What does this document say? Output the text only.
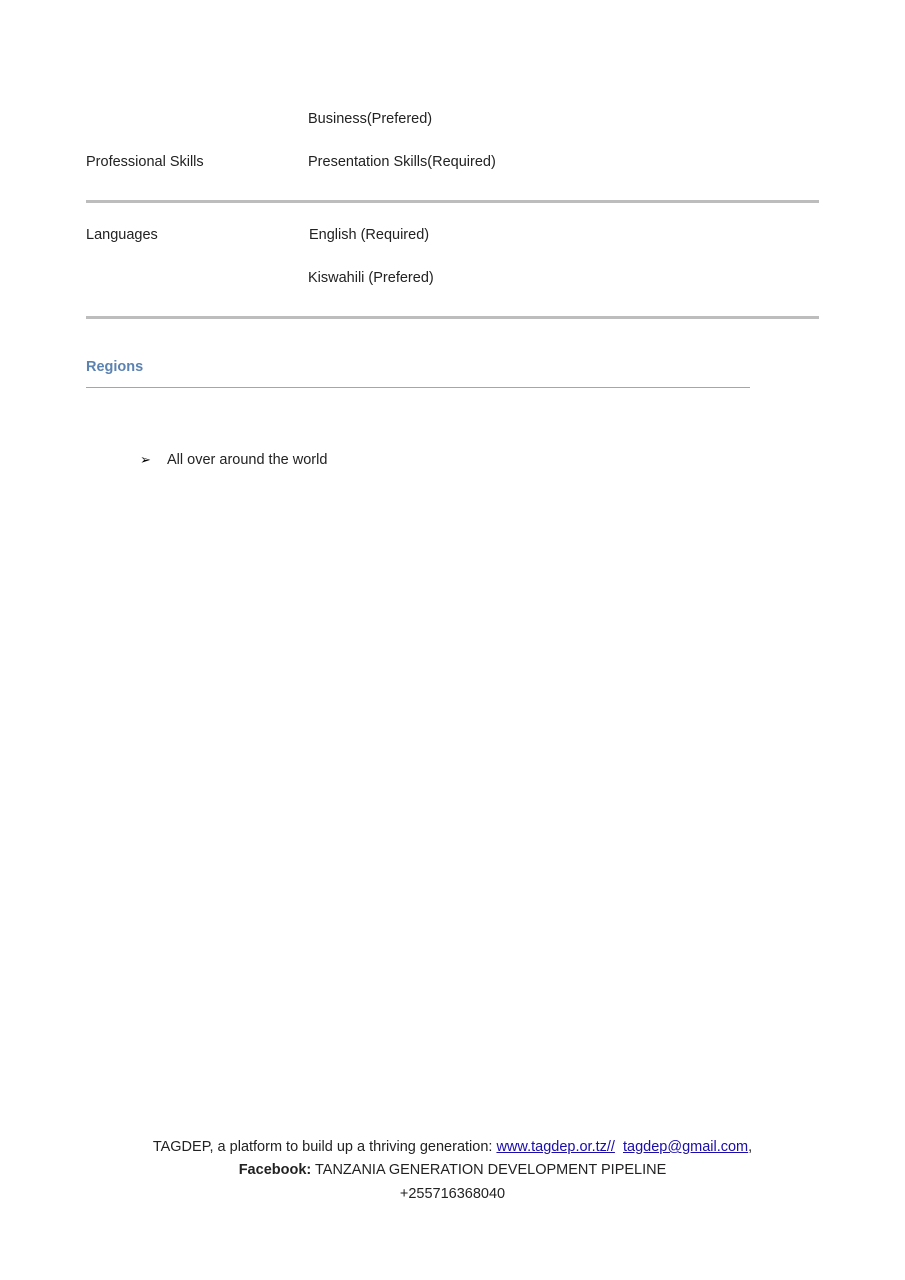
Business(Prefered)
Professional Skills	Presentation Skills(Required)
Languages	English (Required)
Kiswahili (Prefered)
Regions
➢ All over around the world
TAGDEP, a platform to build up a thriving generation: www.tagdep.or.tz// tagdep@gmail.com,
Facebook: TANZANIA GENERATION DEVELOPMENT PIPELINE
+255716368040
